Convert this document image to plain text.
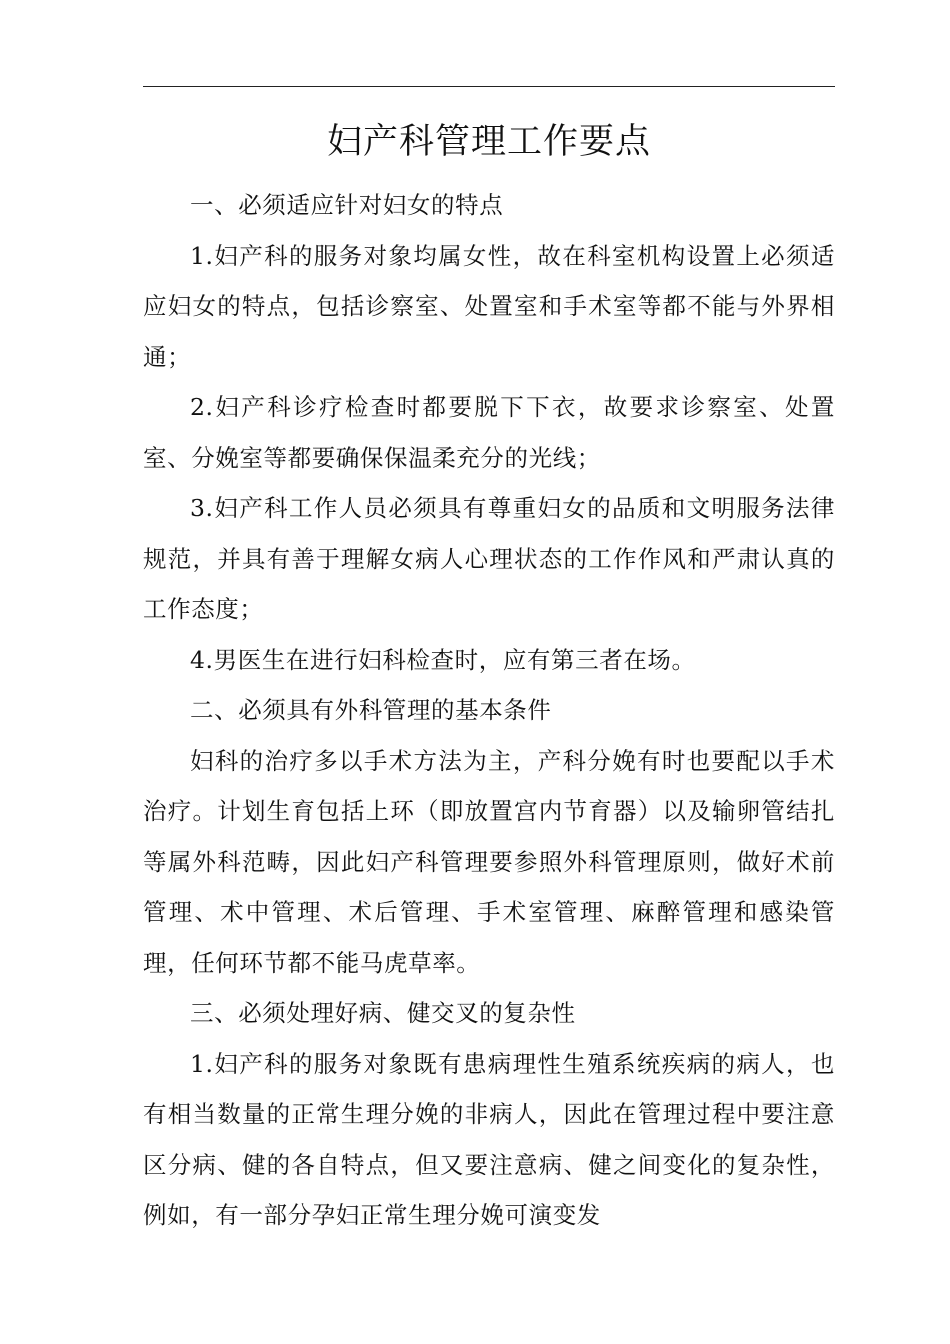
妇产科管理工作要点

一、必须适应针对妇女的特点

1.妇产科的服务对象均属女性，故在科室机构设置上必须适应妇女的特点，包括诊察室、处置室和手术室等都不能与外界相通；

2.妇产科诊疗检查时都要脱下下衣，故要求诊察室、处置室、分娩室等都要确保保温柔充分的光线；

3.妇产科工作人员必须具有尊重妇女的品质和文明服务法律规范，并具有善于理解女病人心理状态的工作作风和严肃认真的工作态度；

4.男医生在进行妇科检查时，应有第三者在场。

二、必须具有外科管理的基本条件

妇科的治疗多以手术方法为主，产科分娩有时也要配以手术治疗。计划生育包括上环（即放置宫内节育器）以及输卵管结扎等属外科范畴，因此妇产科管理要参照外科管理原则，做好术前管理、术中管理、术后管理、手术室管理、麻醉管理和感染管理，任何环节都不能马虎草率。

三、必须处理好病、健交叉的复杂性

1.妇产科的服务对象既有患病理性生殖系统疾病的病人，也有相当数量的正常生理分娩的非病人，因此在管理过程中要注意区分病、健的各自特点，但又要注意病、健之间变化的复杂性，例如，有一部分孕妇正常生理分娩可演变发
